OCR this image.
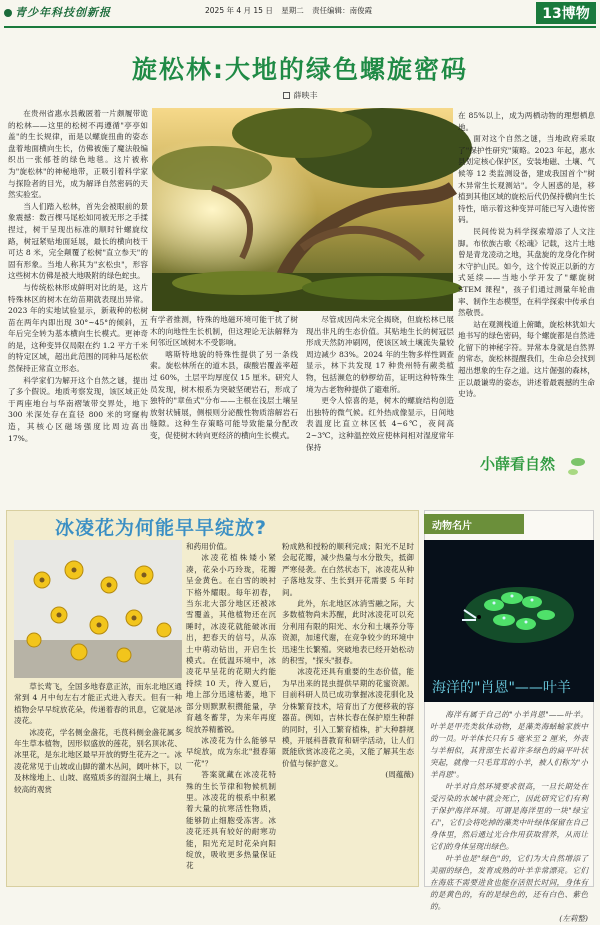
青少年科技创新报	2025 年 4 月 15 日 星期二 责任编辑：南俊霞	13博物
旋松林:大地的绿色螺旋密码
薛映丰

在贵州省惠水县戴匿着一片颇履带诡的松林——这里的松树不再遵循"亭亭如盖"的生长规律，而是以螺旋扭曲的姿态盘着地面横向生长，仿佛被施了魔法般编织出一张郁苍的绿色地毯。这片被称为"旋松林"的神秘地带，正吸引着科学家与探险者的目光，成为解译自然密码的天然实验室。

当人们踏入松林，首先会被眼前的景象震撼：数百棵马尾松如同被无形之手揉捏过，树干呈现出标准的顺时针螺旋纹路，树冠紧贴地面延展，最长的横向枝干可达 8 米，完全颠覆了松树"直立参天"的固有形象。当地人称其为"玄松虫"，形容这些树木仿佛是被大地吸附的绿色蛇虫。

与传统松林形成鲜明对比的是，这片特殊林区的树木在幼苗期就表现出异常。2023 年的实地试验显示，新栽种的松树苗在两年内即出现 30°~45°的倾斜，五年后完全转为基本横向生长模式。更神奇的是，这种变异仅局限在约 1.2 平方千米的特定区域，超出此范围的同种马尾松依然保持正常直立形态。

科学家们为解开这个自然之谜，提出了多个假说。地质考察发现，该区域正处于两座地台与华南褶皱带交界处，地下 300 米深处存在直径 800 米的穹窿构造，其核心区磁场强度比周边高出 17%。

有学者推测，特殊的地磁环境可能干扰了树木的向地性生长机制，但这理论无法解释为何邻近区域树木不受影响。

喀斯特地貌的特殊性提供了另一条线索。旋松林所在的道木县，碳酸岩覆盖率超过 60%，土层平均厚度仅 15 厘米。研究人员发现，树木根系为突破坚硬岩石，形成了独特的"章鱼式"分布——主根在浅层土壤呈放射状铺展，侧根则分泌酸性物质溶解岩石缝隙。这种生存策略可能导致能量分配改变，促使树木转向更经济的横向生长模式。

尽管成因尚未完全揭晓，但旋松林已展现出非凡的生态价值。其贴地生长的树冠层形成天然防冲刷网，使该区域土壤流失量较周边减少 83%。2024 年的生物多样性调查显示，林下共发现 17 种贵州特有蕨类植物，包括濒危的桫椤幼苗，证明这种特殊生境为古老物种提供了避难所。

更令人惊喜的是，树木的螺旋结构创造出独特的微气候。红外热成像显示，日间地表温度比直立林区低 4~6℃，夜间高 2~3℃，这种温控效应使林间相对湿度常年保持

在 85%以上，成为两栖动物的理想栖息地。

面对这个自然之谜，当地政府采取了"保护性研究"策略。2023 年起，惠水县划定核心保护区，安装地磁、土壤、气候等 12 类监测设备，建成我国首个"树木异常生长观测站"。令人困惑的是，移植到其他区域的旋松后代仍保持横向生长特性，暗示着这种变异可能已写入遗传密码。

民间传说为科学探索增添了人文注脚。布依族古歌《松魂》记载，这片土地曾是青龙凌动之地，其盘旋的龙身化作树木守护山民。如今，这个传说正以新的方式延续——当地小学开发了"螺旋树 STEM 课程"，孩子们通过测量年轮曲率、制作生态模型，在科学探索中传承自然敬畏。

站在观测栈道上俯瞰，旋松林犹如大地书写的绿色密码，每个螺旋都是自然进化留下的神秘字符。异常本身就是自然界的常态，旋松林提醒我们，生命总会找到超出想象的生存之道。这片倔强的森林，正以最谦卑的姿态，讲述着最震撼的生命史诗。

小薛看自然
冰凌花为何能早早绽放?

草长莺飞，全国多地春意正浓，而东北地区通常到 4 月中旬左右才能正式进入春天。但有一种植物会早早绽放花朵，传递着春的讯息，它就是冰凌花。

冰凌花，学名侧金盏花，毛茛科侧金盏花属多年生草本植物，因形似盛放的莲花，别名顶冰花、冰里花，是东北地区最早开放的野生花卉之一。冰凌花常见于山坡或山脚的灌木丛间，阔叶林下，以及林缘地上、山坡、腐殖质多的湿润土壤上，具有较高的观赏

和药用价值。

冰凌花植株矮小紧凑，花朵小巧玲珑，花瓣呈金黄色。在白雪的映衬下格外耀眼。每年初春，当东北大部分地区还被冰雪覆盖，其他植物还在沉睡时，冰凌花就能破冰而出，把春天的信号，从冻土中萌动钻出，开启生长模式。在低温环境中，冰凌花早呈花的花期大约能持续 10 天，待入夏后，地上部分迅速枯萎，地下部分则默默积攒能量，孕育越冬蓄芽，为来年再度绽放养精蓄锐。

冰凌花为什么能够早早绽放，成为东北"报春第一花"？

答案就藏在冰凌花特殊的生长节律和物候机制里。冰凌花的根系中积累着大量的抗寒活性物质，能够防止细胞受冻害。冰凌花还具有较好的耐寒功能，阳光充足时花朵向阳绽放，吸收更多热量保证花

粉成熟和授粉的顺利完成；阳光不足时会起花瓣，减少热量与水分散失，抵御严寒侵袭。在白然状态下，冰凌花从种子落地发芽、生长到开花需要 5 年时间。

此外，东北地区冰消雪融之际，大多数植物尚未苏醒，此时冰凌花可以充分利用有限的阳光、水分和土壤养分等资源，加速代谢，在竞争较少的环境中迅速生长繁殖。突破地表已经开始松动的积雪，"探头"报春。

冰凌花还具有重要的生态价值，能为早出来的昆虫提供早期的花蜜资源。目前科研人员已成功掌握冰凌花驯化及分株繁育技术，培育出了方便移栽的容器苗。例如，吉林长春在保护原生种群的同时，引入工繁育植株，扩大种群规模，开展科普教育和研学活动，让人们既能欣赏冰凌花之美，又能了解其生态价值与保护意义。

(周蕴薇)

动物名片
海洋的"肖恩"——叶羊

海洋有属于自己的"小羊肖恩"——叶羊。叶羊是甲壳类软体动物，是藻类海蛞蝓家族中的一员。叶羊体长只有 5 毫米至 2 厘米，外表与羊相似，其背部生长着许多绿色的扁平叶状突起，就像一只毛茸茸的小羊，被人们称为"小羊肖恩"。

叶羊对自然环境要求很高，一旦长期处在受污染的水域中就会死亡，因此研究它们有利于保护海洋环境。可谓是海洋里的一块"绿宝石"，它们会将吃掉的藻类中叶绿体保留在自己身体里，然后通过光合作用获取营养，从而让它们的身体呈现出绿色。

叶羊也是"绿色"的，它们为大自然增添了美丽的绿色，发育成熟的叶羊非常漂亮。它们在海底不需要进食也能存活很长时间，身体有的是黄色的，有的是绿色的，还有白色、紫色的。

(左莉整)
